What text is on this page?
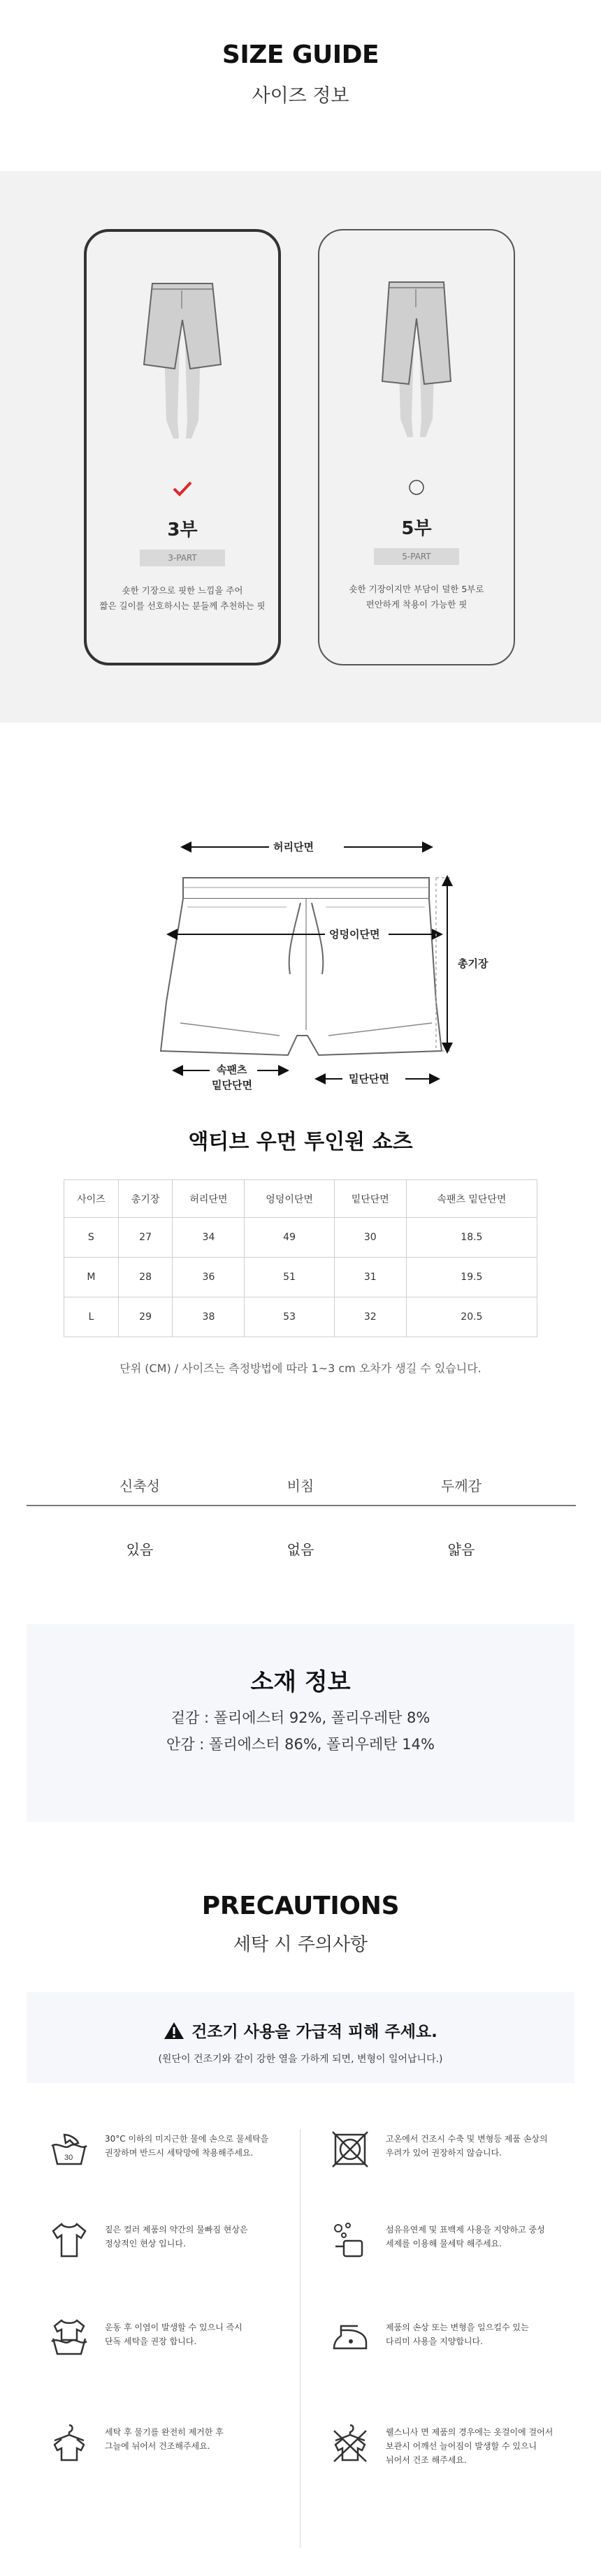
SIZE GUIDE
사이즈 정보
3부
3-PART
숏한 기장으로 핏한 느낌을 주어
짧은 길이를 선호하시는 분들께 추천하는 핏
5부
5-PART
숏한 기장이지만 부담이 덜한 5부로
편안하게 착용이 가능한 핏
허리단면
엉덩이단면
총기장
밑단단면
속팬츠
밑단단면
액티브 우먼 투인원 쇼츠
사이즈	총기장	허리단면	엉덩이단면	밑단단면	속팬츠 밑단단면
S	27	34	49	30	18.5
M	28	36	51	31	19.5
L	29	38	53	32	20.5
단위 (CM) / 사이즈는 측정방법에 따라 1~3 cm 오차가 생길 수 있습니다.
신축성	비침	두께감
있음	없음	얇음
소재 정보
겉감 : 폴리에스터 92%, 폴리우레탄 8%
안감 : 폴리에스터 86%, 폴리우레탄 14%
PRECAUTIONS
세탁 시 주의사항
건조기 사용을 가급적 피해 주세요.
(원단이 건조기와 같이 강한 열을 가하게 되면, 변형이 일어납니다.)
30
30°C 이하의 미지근한 물에 손으로 물세탁을
권장하며 반드시 세탁망에 착용해주세요.
고온에서 건조시 수축 및 변형등 제품 손상의
우려가 있어 권장하지 않습니다.
짙은 컬러 제품의 약간의 물빠짐 현상은
정상적인 현상 입니다.
섬유유연제 및 표백제 사용을 지양하고 중성
세제를 이용해 물세탁 해주세요.
운동 후 이염이 발생할 수 있으니 즉시
단독 세탁을 권장 합니다.
제품의 손상 또는 변형을 일으킬수 있는
다리미 사용을 지양합니다.
세탁 후 물기를 완전히 제거한 후
그늘에 뉘어서 건조해주세요.
웰스니사 면 제품의 경우에는 옷걸이에 걸어서
보관시 어깨선 늘어짐이 발생할 수 있으니
뉘어서 건조 해주세요.
